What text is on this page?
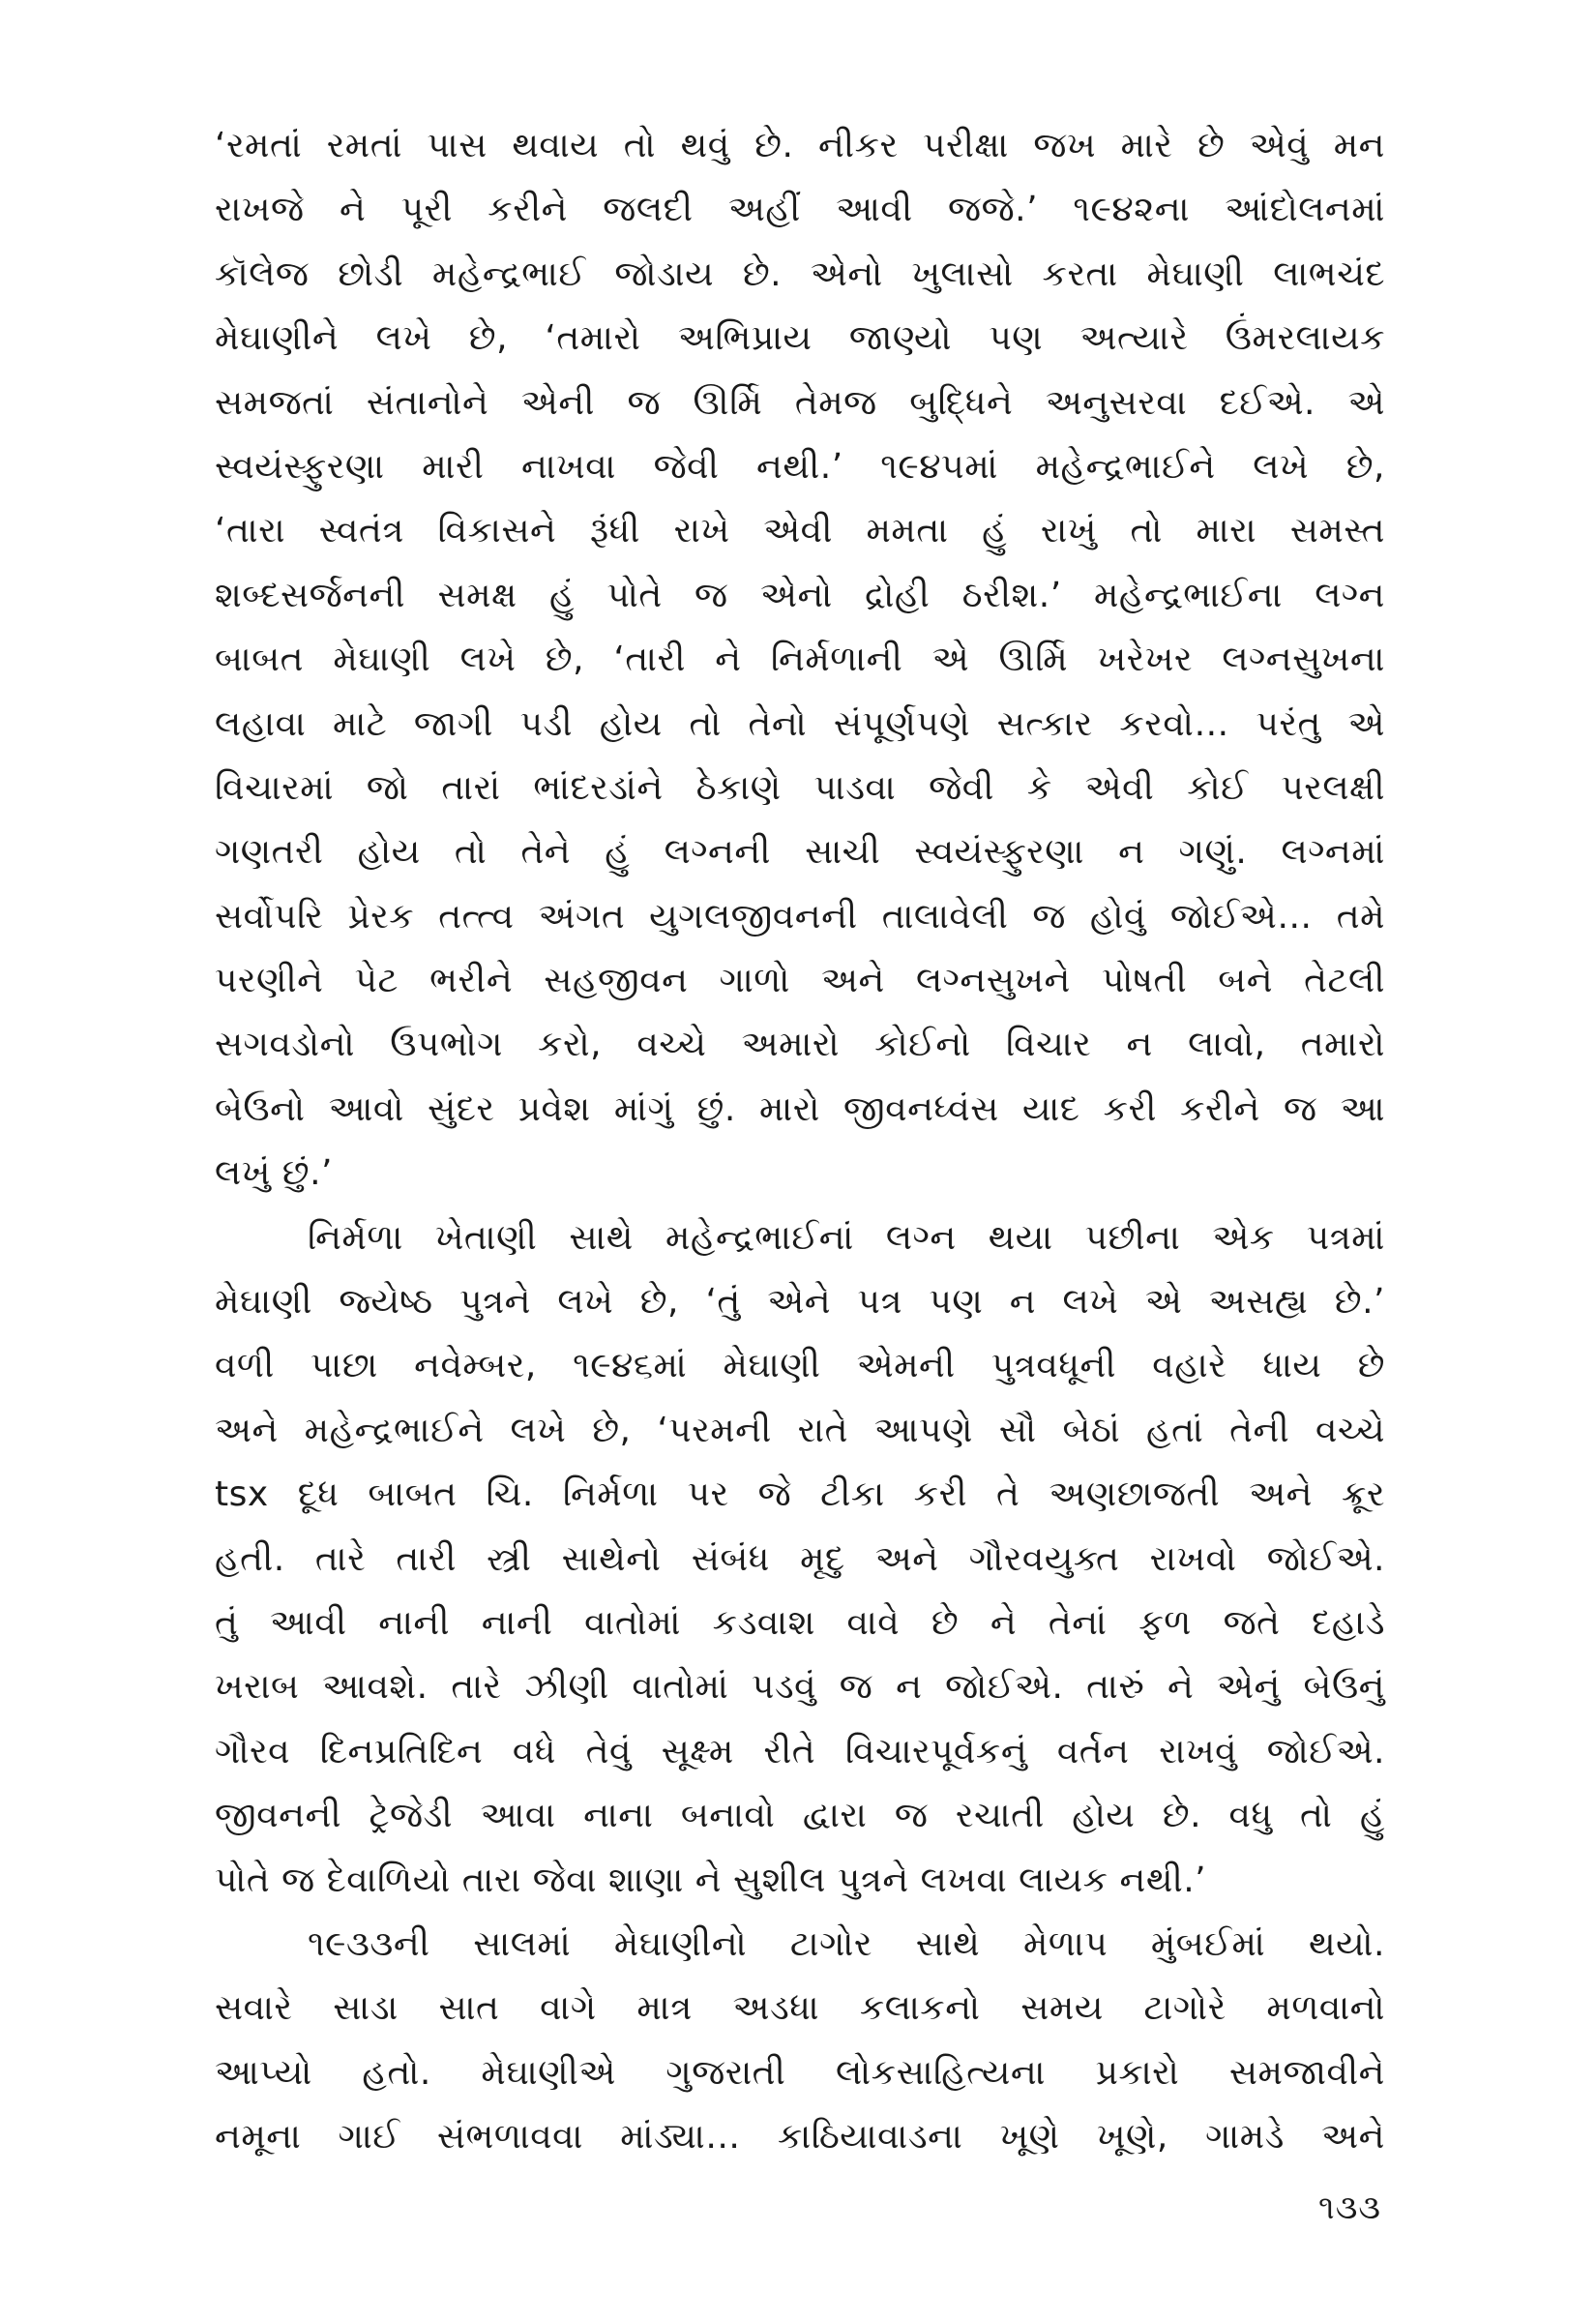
‘રમતાં રમતાં પાસ થવાય તો થવું છે. નીકર પરીક્ષા જખ મારે છે એવું મન
રાખજે ને પૂરી કરીને જલદી અહીં આવી જજે.’ ૧૯૪૨ના આંદોલનમાં
કૉલેજ છોડી મહેન્દ્રભાઈ જોડાય છે. એનો ખુલાસો કરતા મેઘાણી લાભચંદ
મેઘાણીને લખે છે, ‘તમારો અભિપ્રાય જાણ્યો પણ અત્યારે ઉંમરલાયક
સમજતાં સંતાનોને એની જ ઊર્મિ તેમજ બુદ્ધિને અનુસરવા દઈએ. એ
સ્વયંસ્ફુરણા મારી નાખવા જેવી નથી.’ ૧૯૪૫માં મહેન્દ્રભાઈને લખે છે,
‘તારા સ્વતંત્ર વિકાસને રૂંધી રાખે એવી મમતા હું રાખું તો મારા સમસ્ત
શબ્દસર્જનની સમક્ષ હું પોતે જ એનો દ્રોહી ઠરીશ.’ મહેન્દ્રભાઈના લગ્ન
બાબત મેઘાણી લખે છે, ‘તારી ને નિર્મળાની એ ઊર્મિ ખરેખર લગ્નસુખના
લહાવા માટે જાગી પડી હોય તો તેનો સંપૂર્ણપણે સત્કાર કરવો… પરંતુ એ
વિચારમાં જો તારાં ભાંદરડાંને ઠેકાણે પાડવા જેવી કે એવી કોઈ પરલક્ષી
ગણતરી હોય તો તેને હું લગ્નની સાચી સ્વયંસ્ફુરણા ન ગણું. લગ્નમાં
સર્વોપરિ પ્રેરક તત્ત્વ અંગત યુગલજીવનની તાલાવેલી જ હોવું જોઈએ… તમે
પરણીને પેટ ભરીને સહજીવન ગાળો અને લગ્નસુખને પોષતી બને તેટલી
સગવડોનો ઉપભોગ કરો, વચ્ચે અમારો કોઈનો વિચાર ન લાવો, તમારો
બેઉનો આવો સુંદર પ્રવેશ માંગું છું. મારો જીવનધ્વંસ યાદ કરી કરીને જ આ
લખું છું.’
નિર્મળા ખેતાણી સાથે મહેન્દ્રભાઈનાં લગ્ન થયા પછીના એક પત્રમાં
મેઘાણી જ્યેષ્ઠ પુત્રને લખે છે, ‘તું એને પત્ર પણ ન લખે એ અસહ્ય છે.’
વળી પાછા નવેમ્બર, ૧૯૪૬માં મેઘાણી એમની પુત્રવધૂની વહારે ધાય છે
અને મહેન્દ્રભાઈને લખે છે, ‘પરમની રાતે આપણે સૌ બેઠાં હતાં તેની વચ્ચે
tsx દૂધ બાબત ચિ. નિર્મળા પર જે ટીકા કરી તે અણછાજતી અને ક્રૂર
હતી. તારે તારી સ્ત્રી સાથેનો સંબંધ મૃદુ અને ગૌરવયુક્ત રાખવો જોઈએ.
તું આવી નાની નાની વાતોમાં કડવાશ વાવે છે ને તેનાં ફળ જતે દહાડે
ખરાબ આવશે. તારે ઝીણી વાતોમાં પડવું જ ન જોઈએ. તારું ને એનું બેઉનું
ગૌરવ દિનપ્રતિદિન વધે તેવું સૂક્ષ્મ રીતે વિચારપૂર્વકનું વર્તન રાખવું જોઈએ.
જીવનની ટ્રેજેડી આવા નાના બનાવો દ્વારા જ રચાતી હોય છે. વધુ તો હું
પોતે જ દેવાળિયો તારા જેવા શાણા ને સુશીલ પુત્રને લખવા લાયક નથી.’
૧૯૩૩ની સાલમાં મેઘાણીનો ટાગોર સાથે મેળાપ મુંબઈમાં થયો.
સવારે સાડા સાત વાગે માત્ર અડધા કલાકનો સમય ટાગોરે મળવાનો
આપ્યો હતો. મેઘાણીએ ગુજરાતી લોકસાહિત્યના પ્રકારો સમજાવીને
નમૂના ગાઈ સંભળાવવા માંડ્યા… કાઠિયાવાડના ખૂણે ખૂણે, ગામડે અને
૧૩૩
